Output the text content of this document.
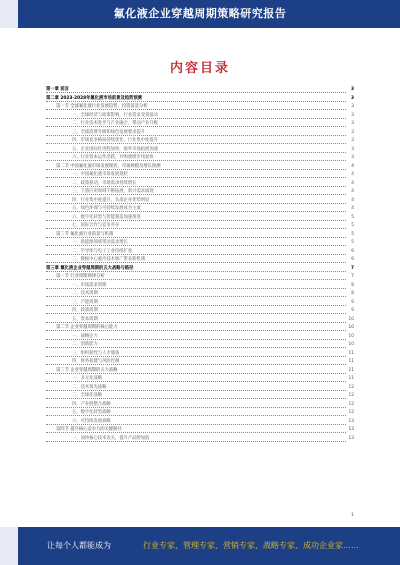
氟化液企业穿越周期策略研究报告
内容目录
第一章 前言	3
第二章 2023-2028年氟化液市场前景及趋势预测	3
第一节 全球氟化液行业发展趋势、投资前景分析	3
一、全球经济与政策影响，行业需求受到波动	3
二、行业技术进步与产业融合，带动产业升级	3
三、全球消费升级和绿色发展要求提升	3
四、市场竞争格局持续优化，行业集中度提升	3
五、企业国际化进程加快，海外市场拓展加速	3
六、行业资本运作活跃，并购重组步伐加快	3
第二节 中国氟化液市场发展现状、市场规模及增长预测	4
一、中国氟化液市场发展现状	4
二、政策驱动，市场需求持续增长	4
三、下游应用领域不断拓展，新兴需求涌现	4
四、行业集中度提升，头部企业优势明显	4
五、绿色环保与可持续发展成为主流	4
六、数字化转型与智能制造加速推进	5
七、国际合作与竞争并存	5
第三节 氟化液行业前景与机遇	5
一、新能源领域带动需求增长	5
二、半导体与电子工业持续扩张	6
三、数据中心液冷技术推广带来新机遇	6
第三章 氟化液企业穿越周期的五大战略与路径	7
第一节 行业周期规律分析	7
一、市场需求周期	8
二、技术周期	8
三、产能周期	9
四、政策周期	9
五、资本周期	10
第二节 企业穿越周期的核心能力	10
一、战略定力	10
二、创新能力	10
三、组织韧性与人才储备	11
四、财务稳健与风险控制	11
第三节 企业穿越周期的五大战略	11
一、多元化战略	11
二、技术领先战略	12
三、全球化战略	12
四、产业链整合战略	12
五、数字化转型战略	12
六、可持续发展战略	13
第四节 提升核心竞争力的关键路径	13
一、加快核心技术攻关，提升产品附加值	13
1
让每个人都能成为	行业专家、管理专家、营销专家、战略专家、成功企业家……
